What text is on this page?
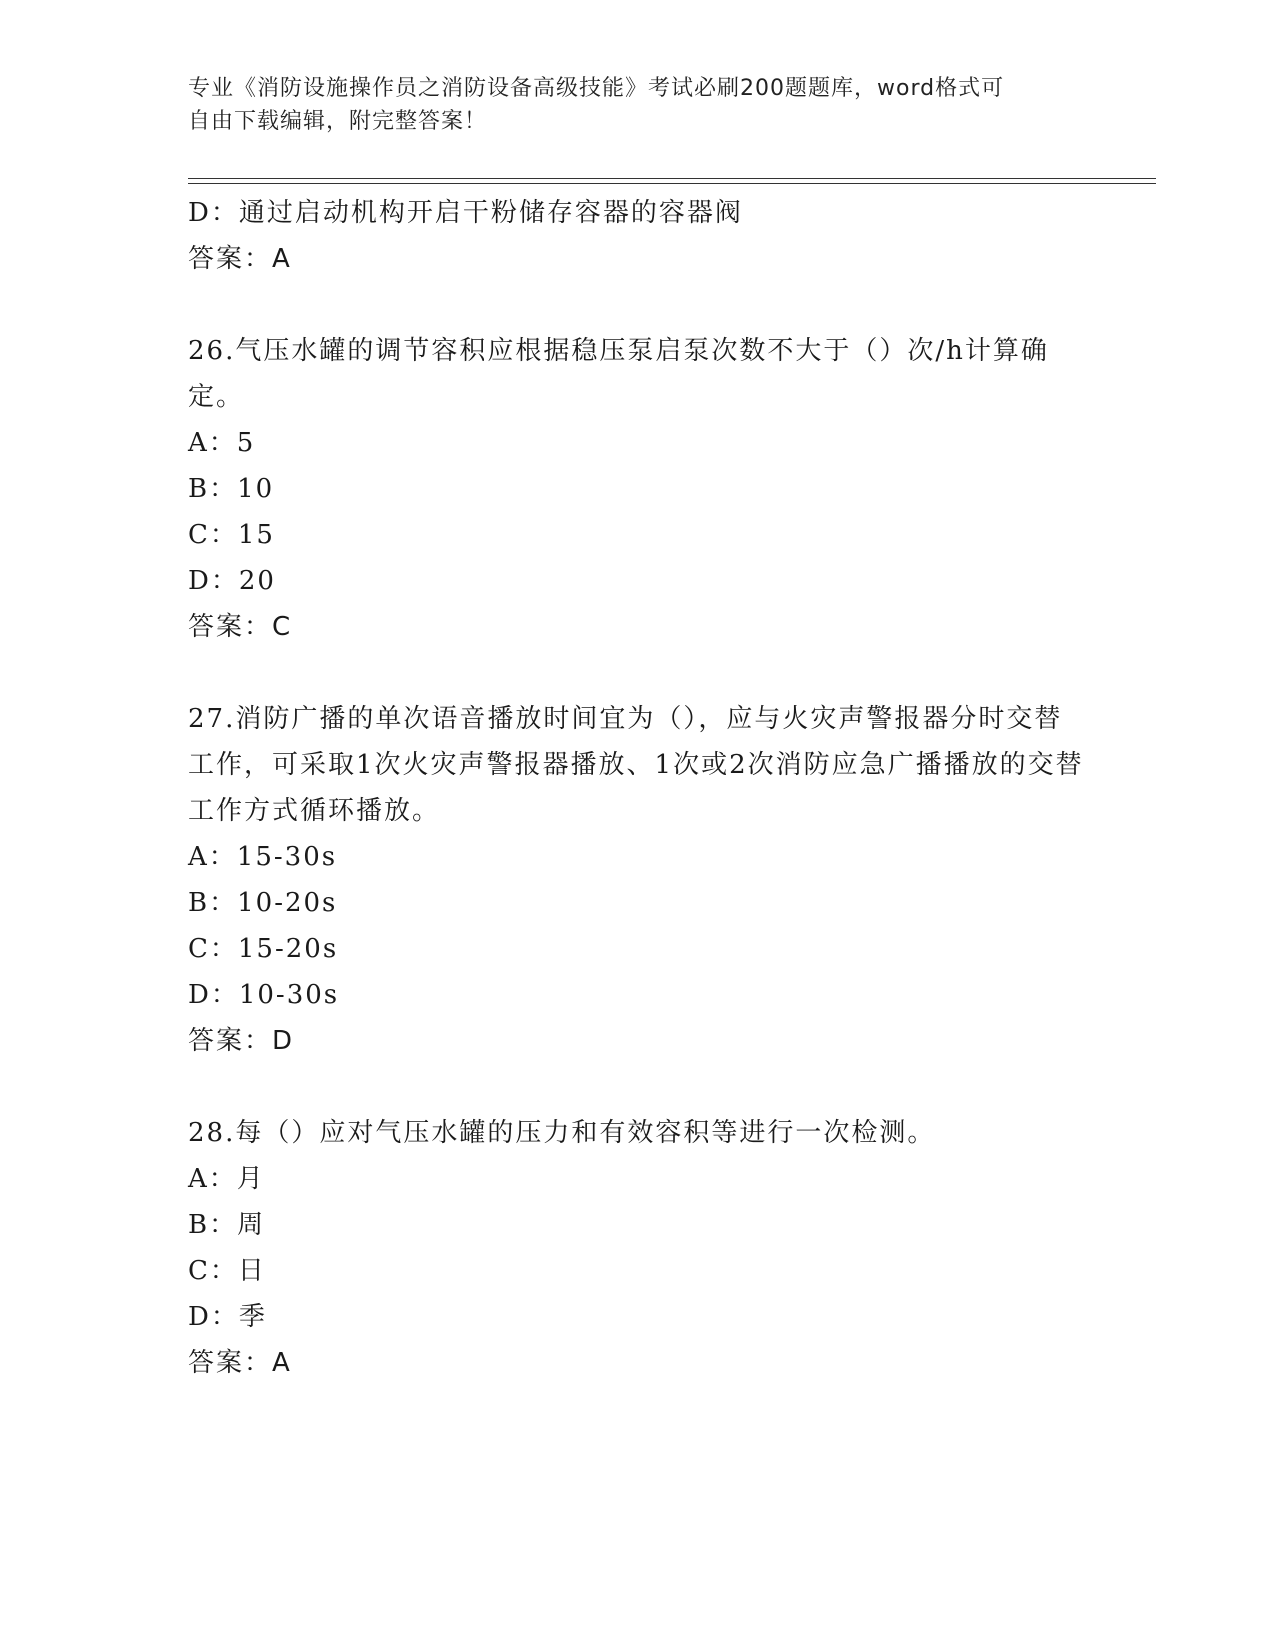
专业《消防设施操作员之消防设备高级技能》考试必刷200题题库，word格式可
自由下载编辑，附完整答案！
D：通过启动机构开启干粉储存容器的容器阀
答案：A
26.气压水罐的调节容积应根据稳压泵启泵次数不大于（）次/h计算确定。
A：5
B：10
C：15
D：20
答案：C
27.消防广播的单次语音播放时间宜为（），应与火灾声警报器分时交替工作，可采取1次火灾声警报器播放、1次或2次消防应急广播播放的交替工作方式循环播放。
A：15-30s
B：10-20s
C：15-20s
D：10-30s
答案：D
28.每（）应对气压水罐的压力和有效容积等进行一次检测。
A：月
B：周
C：日
D：季
答案：A
